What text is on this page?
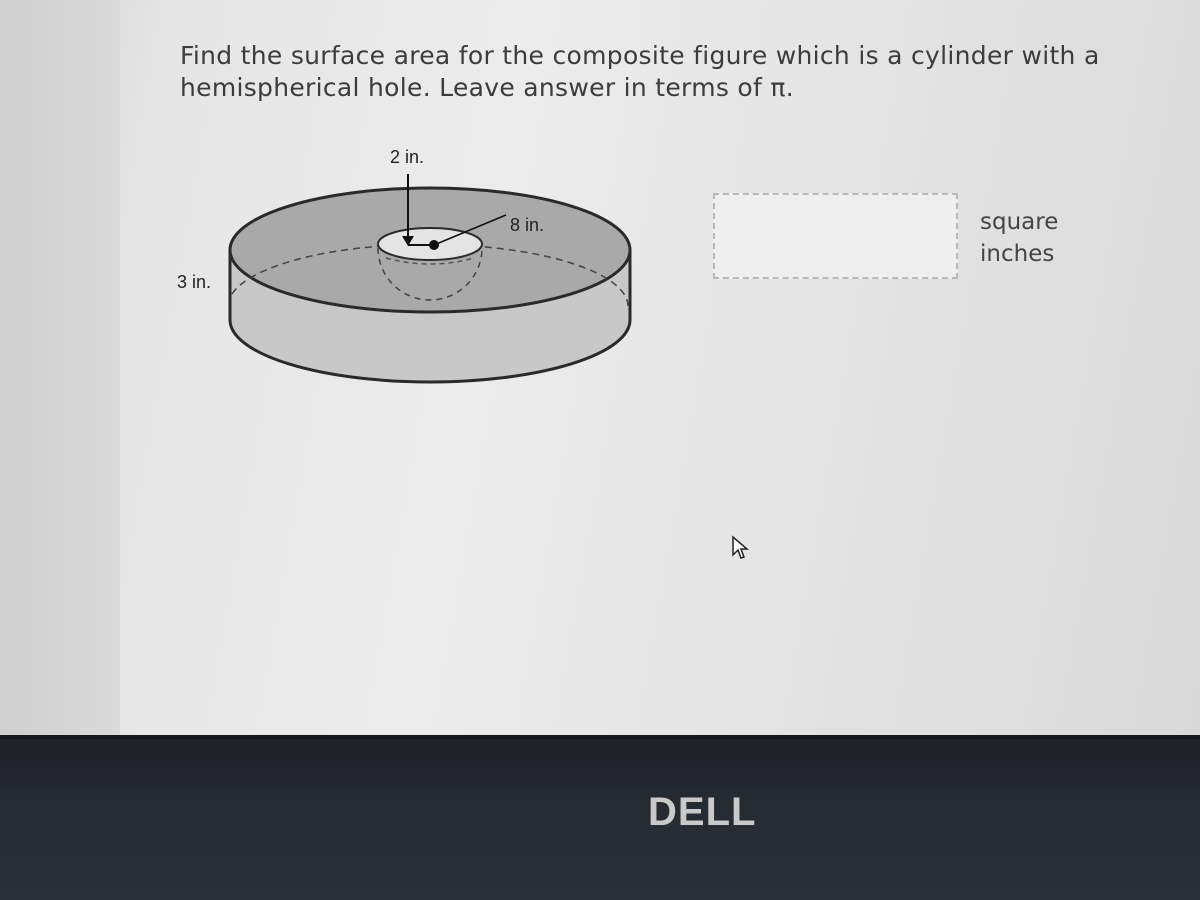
Find the surface area for the composite figure which is a cylinder with a hemispherical hole. Leave answer in terms of π.
2 in.
8 in.
3 in.
square
inches
DELL
